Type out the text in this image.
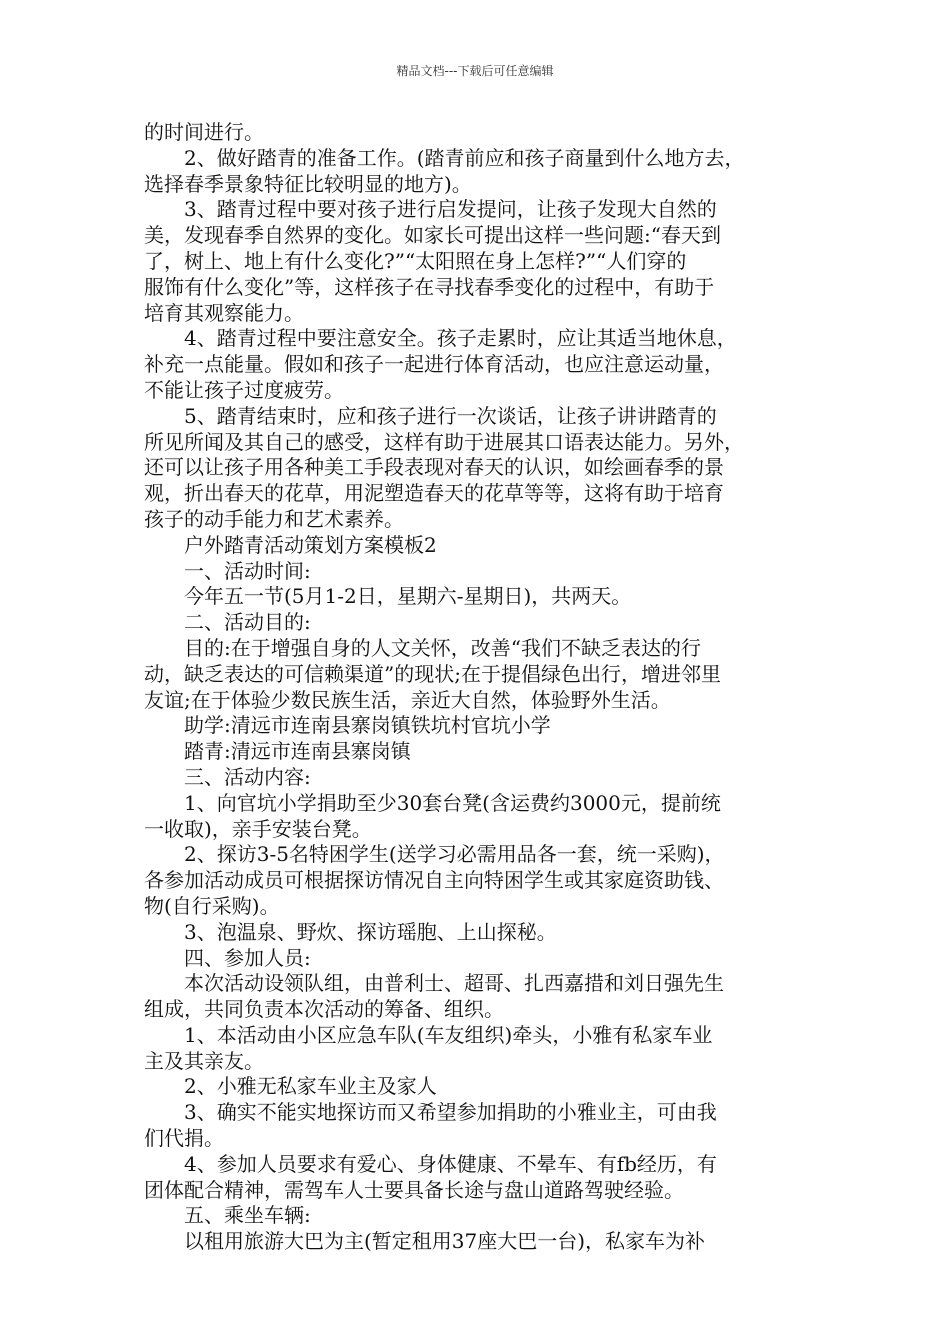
精品文档---下载后可任意编辑

的时间进行。

　　2、做好踏青的准备工作。(踏青前应和孩子商量到什么地方去，

选择春季景象特征比较明显的地方)。

　　3、踏青过程中要对孩子进行启发提问，让孩子发现大自然的

美，发现春季自然界的变化。如家长可提出这样一些问题:“春天到

了，树上、地上有什么变化?”“太阳照在身上怎样?”“人们穿的

服饰有什么变化”等，这样孩子在寻找春季变化的过程中，有助于

培育其观察能力。

　　4、踏青过程中要注意安全。孩子走累时，应让其适当地休息，

补充一点能量。假如和孩子一起进行体育活动，也应注意运动量，

不能让孩子过度疲劳。

　　5、踏青结束时，应和孩子进行一次谈话，让孩子讲讲踏青的

所见所闻及其自己的感受，这样有助于进展其口语表达能力。另外，

还可以让孩子用各种美工手段表现对春天的认识，如绘画春季的景

观，折出春天的花草，用泥塑造春天的花草等等，这将有助于培育

孩子的动手能力和艺术素养。

　　户外踏青活动策划方案模板2

　　一、活动时间:

　　今年五一节(5月1-2日，星期六-星期日)，共两天。

　　二、活动目的:

　　目的:在于增强自身的人文关怀，改善“我们不缺乏表达的行

动，缺乏表达的可信赖渠道”的现状;在于提倡绿色出行，增进邻里

友谊;在于体验少数民族生活，亲近大自然，体验野外生活。

　　助学:清远市连南县寨岗镇铁坑村官坑小学

　　踏青:清远市连南县寨岗镇

　　三、活动内容:

　　1、向官坑小学捐助至少30套台凳(含运费约3000元，提前统

一收取)，亲手安装台凳。

　　2、探访3-5名特困学生(送学习必需用品各一套，统一采购)，

各参加活动成员可根据探访情况自主向特困学生或其家庭资助钱、

物(自行采购)。

　　3、泡温泉、野炊、探访瑶胞、上山探秘。

　　四、参加人员:

　　本次活动设领队组，由普利士、超哥、扎西嘉措和刘日强先生

组成，共同负责本次活动的筹备、组织。

　　1、本活动由小区应急车队(车友组织)牵头，小雅有私家车业

主及其亲友。

　　2、小雅无私家车业主及家人

　　3、确实不能实地探访而又希望参加捐助的小雅业主，可由我

们代捐。

　　4、参加人员要求有爱心、身体健康、不晕车、有fb经历，有

团体配合精神，需驾车人士要具备长途与盘山道路驾驶经验。

　　五、乘坐车辆:

　　以租用旅游大巴为主(暂定租用37座大巴一台)，私家车为补
